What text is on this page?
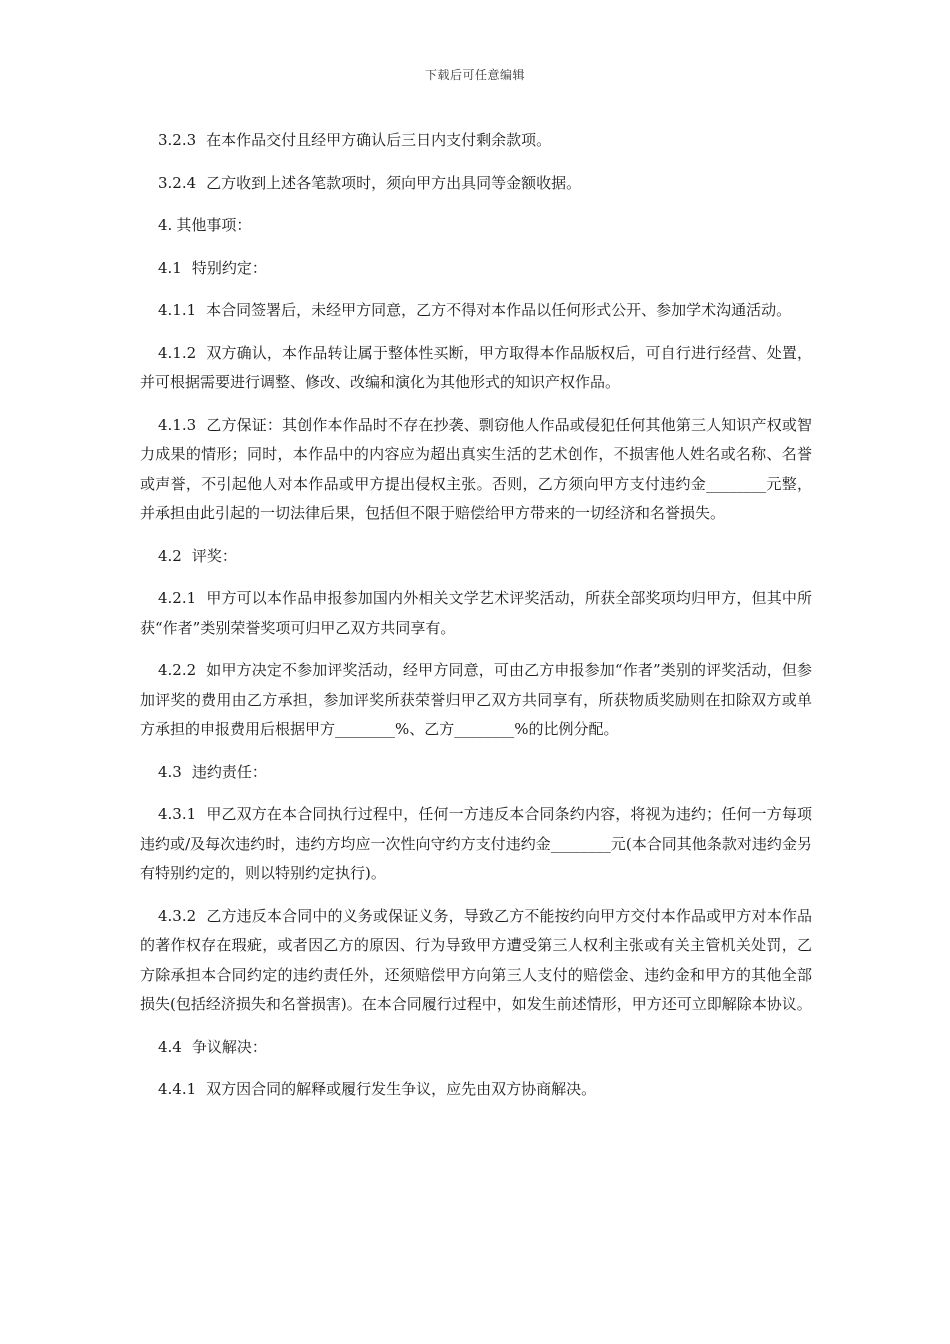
下载后可任意编辑

3.2.3 在本作品交付且经甲方确认后三日内支付剩余款项。

3.2.4 乙方收到上述各笔款项时，须向甲方出具同等金额收据。

4. 其他事项：

4.1 特别约定：

4.1.1 本合同签署后，未经甲方同意，乙方不得对本作品以任何形式公开、参加学术沟通活动。

4.1.2 双方确认，本作品转让属于整体性买断，甲方取得本作品版权后，可自行进行经营、处置，并可根据需要进行调整、修改、改编和演化为其他形式的知识产权作品。

4.1.3 乙方保证：其创作本作品时不存在抄袭、剽窃他人作品或侵犯任何其他第三人知识产权或智力成果的情形；同时，本作品中的内容应为超出真实生活的艺术创作，不损害他人姓名或名称、名誉或声誉，不引起他人对本作品或甲方提出侵权主张。否则，乙方须向甲方支付违约金________元整，并承担由此引起的一切法律后果，包括但不限于赔偿给甲方带来的一切经济和名誉损失。

4.2 评奖：

4.2.1 甲方可以本作品申报参加国内外相关文学艺术评奖活动，所获全部奖项均归甲方，但其中所获“作者”类别荣誉奖项可归甲乙双方共同享有。

4.2.2 如甲方决定不参加评奖活动，经甲方同意，可由乙方申报参加“作者”类别的评奖活动，但参加评奖的费用由乙方承担，参加评奖所获荣誉归甲乙双方共同享有，所获物质奖励则在扣除双方或单方承担的申报费用后根据甲方________%、乙方________%的比例分配。

4.3 违约责任：

4.3.1 甲乙双方在本合同执行过程中，任何一方违反本合同条约内容，将视为违约；任何一方每项违约或/及每次违约时，违约方均应一次性向守约方支付违约金________元(本合同其他条款对违约金另有特别约定的，则以特别约定执行)。

4.3.2 乙方违反本合同中的义务或保证义务，导致乙方不能按约向甲方交付本作品或甲方对本作品的著作权存在瑕疵，或者因乙方的原因、行为导致甲方遭受第三人权利主张或有关主管机关处罚，乙方除承担本合同约定的违约责任外，还须赔偿甲方向第三人支付的赔偿金、违约金和甲方的其他全部损失(包括经济损失和名誉损害)。在本合同履行过程中，如发生前述情形，甲方还可立即解除本协议。

4.4 争议解决：

4.4.1 双方因合同的解释或履行发生争议，应先由双方协商解决。
